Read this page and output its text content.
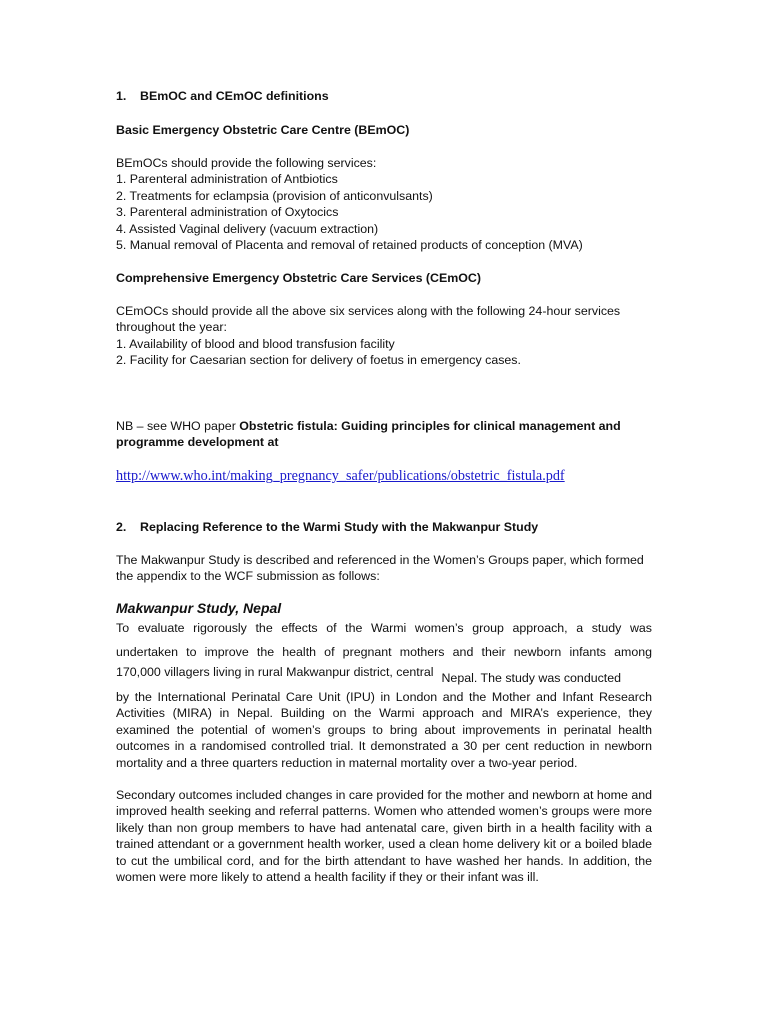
1. BEmOC and CEmOC definitions

Basic Emergency Obstetric Care Centre (BEmOC)

BEmOCs should provide the following services:

1. Parenteral administration of Antbiotics

2. Treatments for eclampsia (provision of anticonvulsants)

3. Parenteral administration of Oxytocics

4. Assisted Vaginal delivery (vacuum extraction)

5. Manual removal of Placenta and removal of retained products of conception (MVA)

Comprehensive Emergency Obstetric Care Services (CEmOC)

CEmOCs should provide all the above six services along with the following 24-hour services throughout the year:

1. Availability of blood and blood transfusion facility

2. Facility for Caesarian section for delivery of foetus in emergency cases.

NB – see WHO paper Obstetric fistula: Guiding principles for clinical management and programme development at

http://www.who.int/making_pregnancy_safer/publications/obstetric_fistula.pdf
2. Replacing Reference to the Warmi Study with the Makwanpur Study

The Makwanpur Study is described and referenced in the Women’s Groups paper, which formed the appendix to the WCF submission as follows:

Makwanpur Study, Nepal

To evaluate rigorously the effects of the Warmi women’s group approach, a study was

undertaken to improve the health of pregnant mothers and their newborn infants among

170,000 villagers living in rural Makwanpur district, central Nepal. The study was conducted

by the International Perinatal Care Unit (IPU) in London and the Mother and Infant Research Activities (MIRA) in Nepal. Building on the Warmi approach and MIRA’s experience, they examined the potential of women’s groups to bring about improvements in perinatal health outcomes in a randomised controlled trial. It demonstrated a 30 per cent reduction in newborn mortality and a three quarters reduction in maternal mortality over a two-year period.

Secondary outcomes included changes in care provided for the mother and newborn at home and improved health seeking and referral patterns. Women who attended women’s groups were more likely than non group members to have had antenatal care, given birth in a health facility with a trained attendant or a government health worker, used a clean home delivery kit or a boiled blade to cut the umbilical cord, and for the birth attendant to have washed her hands. In addition, the women were more likely to attend a health facility if they or their infant was ill.
